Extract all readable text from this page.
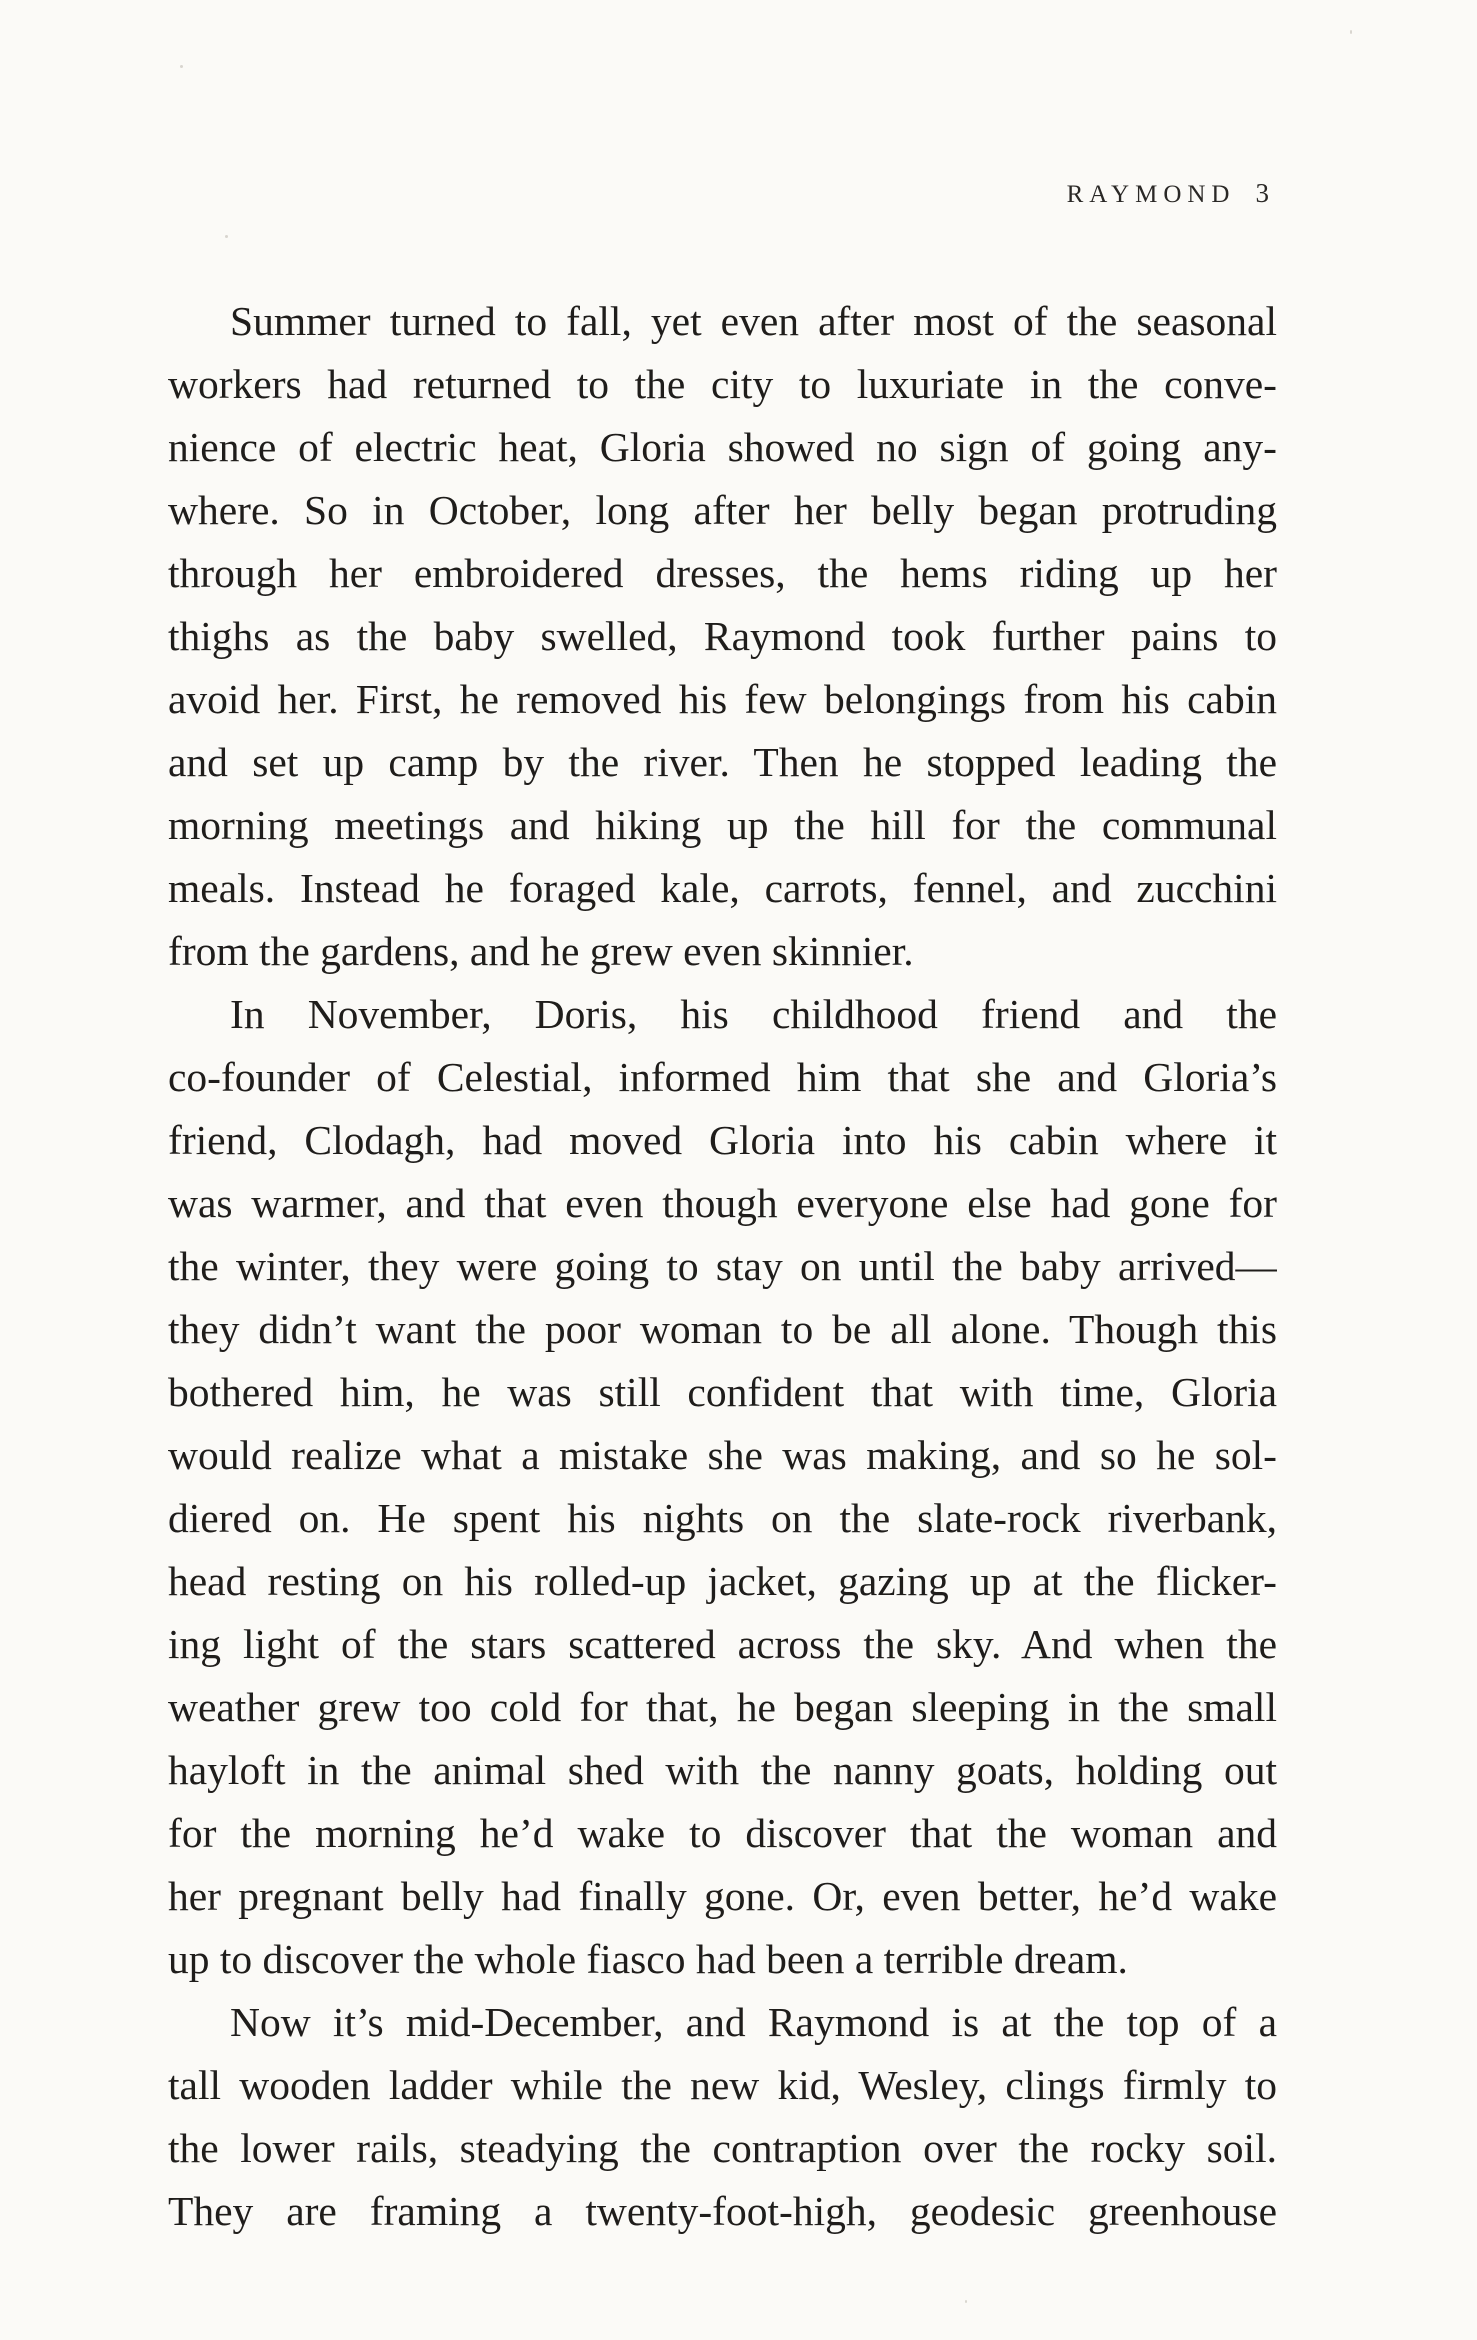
RAYMOND 3

Summer turned to fall, yet even after most of the seasonal

workers had returned to the city to luxuriate in the conve-

nience of electric heat, Gloria showed no sign of going any-

where. So in October, long after her belly began protruding

through her embroidered dresses, the hems riding up her

thighs as the baby swelled, Raymond took further pains to

avoid her. First, he removed his few belongings from his cabin

and set up camp by the river. Then he stopped leading the

morning meetings and hiking up the hill for the communal

meals. Instead he foraged kale, carrots, fennel, and zucchini

from the gardens, and he grew even skinnier.

In November, Doris, his childhood friend and the

co-founder of Celestial, informed him that she and Gloria’s

friend, Clodagh, had moved Gloria into his cabin where it

was warmer, and that even though everyone else had gone for

the winter, they were going to stay on until the baby arrived—

they didn’t want the poor woman to be all alone. Though this

bothered him, he was still confident that with time, Gloria

would realize what a mistake she was making, and so he sol-

diered on. He spent his nights on the slate-rock riverbank,

head resting on his rolled-up jacket, gazing up at the flicker-

ing light of the stars scattered across the sky. And when the

weather grew too cold for that, he began sleeping in the small

hayloft in the animal shed with the nanny goats, holding out

for the morning he’d wake to discover that the woman and

her pregnant belly had finally gone. Or, even better, he’d wake

up to discover the whole fiasco had been a terrible dream.

Now it’s mid-December, and Raymond is at the top of a

tall wooden ladder while the new kid, Wesley, clings firmly to

the lower rails, steadying the contraption over the rocky soil.

They are framing a twenty-foot-high, geodesic greenhouse
